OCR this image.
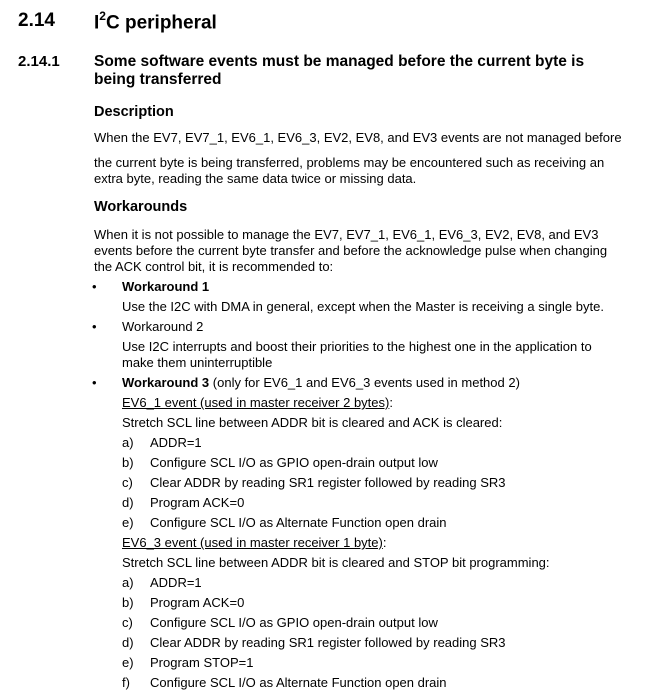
2.14 $I^2C$ peripheral
2.14.1 Some software events must be managed before the current byte is
being transferred
Description
When the EV7, EV7_1, EV6_1, EV6_3, EV2, EV8, and EV3 events are not managed before
the current byte is being transferred, problems may be encountered such as receiving an
extra byte, reading the same data twice or missing data.
Workarounds
When it is not possible to manage the EV7, EV7_1, EV6_1, EV6_3, EV2, EV8, and EV3
events before the current byte transfer and before the acknowledge pulse when changing
the ACK control bit, it is recommended to:
• Workaround 1
Use the I2C with DMA in general, except when the Master is receiving a single byte.
• Workaround 2
Use I2C interrupts and boost their priorities to the highest one in the application to
make them uninterruptible
• Workaround 3 (only for EV6_1 and EV6_3 events used in method 2)
EV6_1 event (used in master receiver 2 bytes):
Stretch SCL line between ADDR bit is cleared and ACK is cleared:
a)	ADDR=1
b)	Configure SCL I/O as GPIO open-drain output low
c)	Clear ADDR by reading SR1 register followed by reading SR3
d)	Program ACK=0
e)	Configure SCL I/O as Alternate Function open drain
EV6_3 event (used in master receiver 1 byte):
Stretch SCL line between ADDR bit is cleared and STOP bit programming:
a)	ADDR=1
b)	Program ACK=0
c)	Configure SCL I/O as GPIO open-drain output low
d)	Clear ADDR by reading SR1 register followed by reading SR3
e)	Program STOP=1
f)	Configure SCL I/O as Alternate Function open drain
